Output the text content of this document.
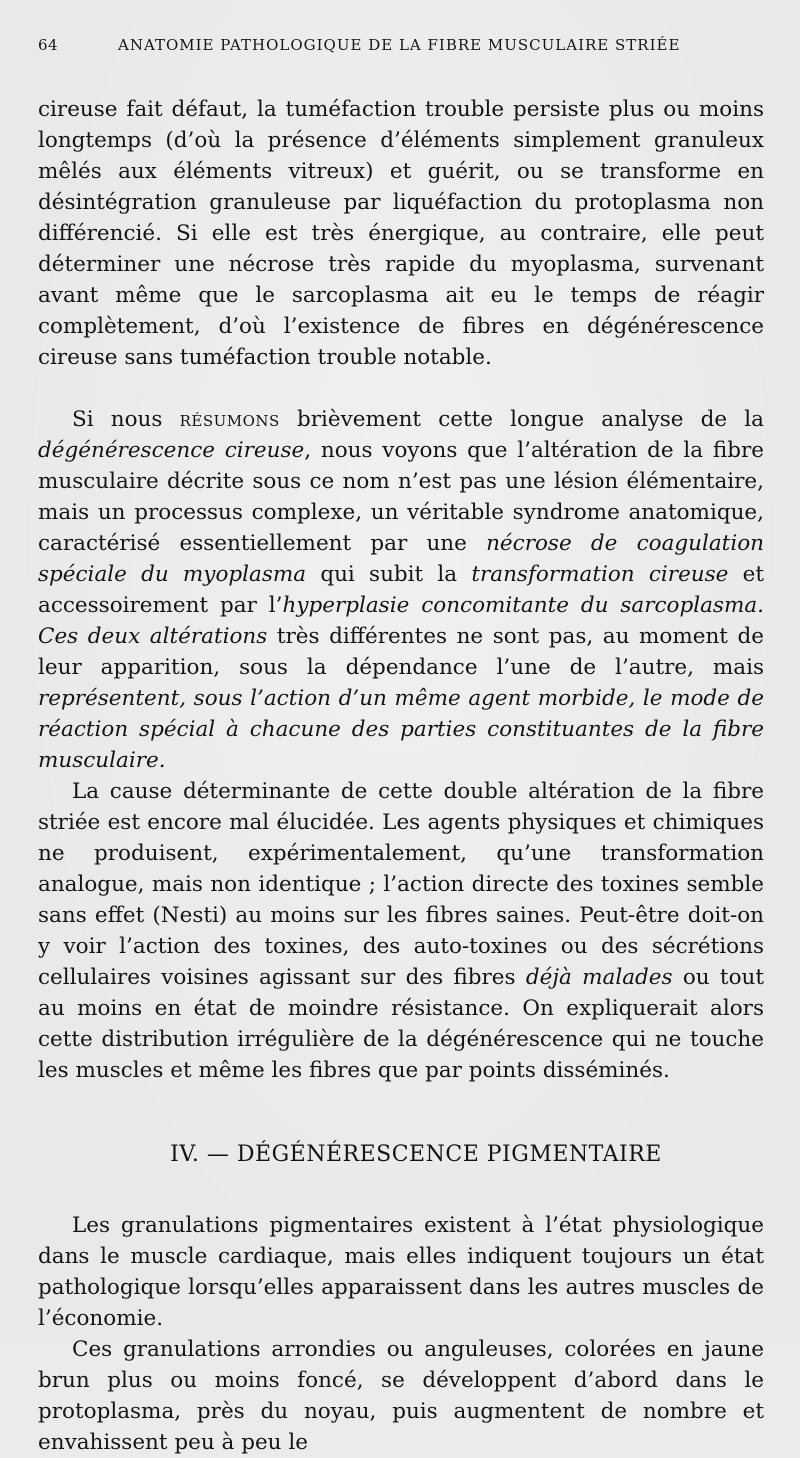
64	ANATOMIE PATHOLOGIQUE DE LA FIBRE MUSCULAIRE STRIÉE

cireuse fait défaut, la tuméfaction trouble persiste plus ou moins longtemps (d’où la présence d’éléments simplement granuleux mêlés aux éléments vitreux) et guérit, ou se transforme en désintégration granuleuse par liquéfaction du protoplasma non différencié. Si elle est très énergique, au contraire, elle peut déterminer une nécrose très rapide du myoplasma, survenant avant même que le sarcoplasma ait eu le temps de réagir complètement, d’où l’existence de fibres en dégénérescence cireuse sans tuméfaction trouble notable.

Si nous résumons brièvement cette longue analyse de la dégénérescence cireuse, nous voyons que l’altération de la fibre musculaire décrite sous ce nom n’est pas une lésion élémentaire, mais un processus complexe, un véritable syndrome anatomique, caractérisé essentiellement par une nécrose de coagulation spéciale du myoplasma qui subit la transformation cireuse et accessoirement par l’hyperplasie concomitante du sarcoplasma. Ces deux altérations très différentes ne sont pas, au moment de leur apparition, sous la dépendance l’une de l’autre, mais représentent, sous l’action d’un même agent morbide, le mode de réaction spécial à chacune des parties constituantes de la fibre musculaire.

La cause déterminante de cette double altération de la fibre striée est encore mal élucidée. Les agents physiques et chimiques ne produisent, expérimentalement, qu’une transformation analogue, mais non identique ; l’action directe des toxines semble sans effet (Nesti) au moins sur les fibres saines. Peut-être doit-on y voir l’action des toxines, des auto-toxines ou des sécrétions cellulaires voisines agissant sur des fibres déjà malades ou tout au moins en état de moindre résistance. On expliquerait alors cette distribution irrégulière de la dégénérescence qui ne touche les muscles et même les fibres que par points disséminés.

IV. — DÉGÉNÉRESCENCE PIGMENTAIRE

Les granulations pigmentaires existent à l’état physiologique dans le muscle cardiaque, mais elles indiquent toujours un état pathologique lorsqu’elles apparaissent dans les autres muscles de l’économie.

Ces granulations arrondies ou anguleuses, colorées en jaune brun plus ou moins foncé, se développent d’abord dans le protoplasma, près du noyau, puis augmentent de nombre et envahissent peu à peu le
